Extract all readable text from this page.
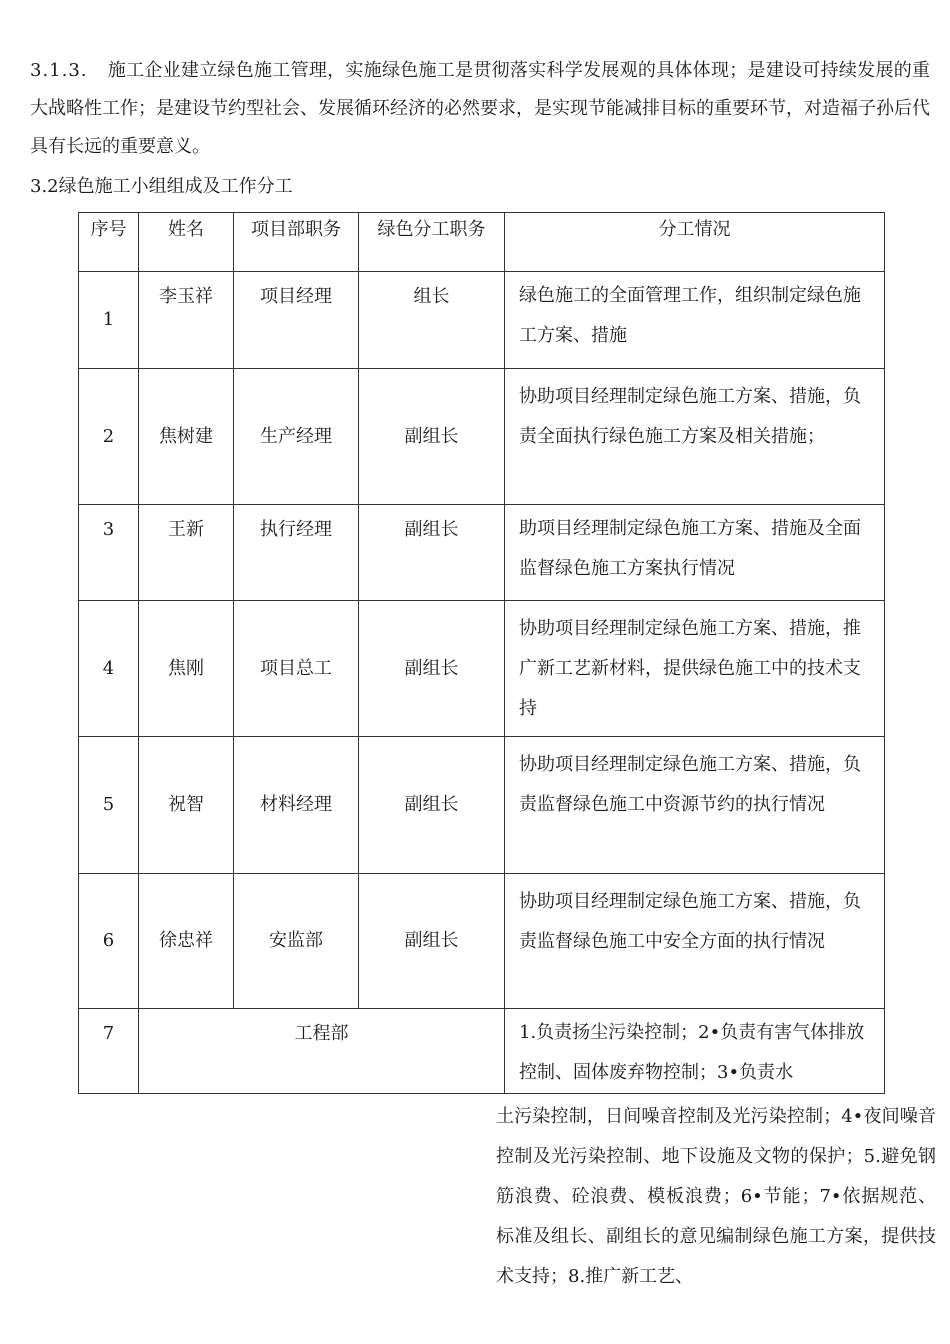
3.1.3. 施工企业建立绿色施工管理，实施绿色施工是贯彻落实科学发展观的具体体现；是建设可持续发展的重大战略性工作；是建设节约型社会、发展循环经济的必然要求，是实现节能减排目标的重要环节，对造福子孙后代具有长远的重要意义。

3.2绿色施工小组组成及工作分工

序号	姓名	项目部职务	绿色分工职务	分工情况
1	李玉祥	项目经理	组长	绿色施工的全面管理工作，组织制定绿色施工方案、措施
2	焦树建	生产经理	副组长	协助项目经理制定绿色施工方案、措施，负责全面执行绿色施工方案及相关措施；
3	王新	执行经理	副组长	助项目经理制定绿色施工方案、措施及全面监督绿色施工方案执行情况
4	焦刚	项目总工	副组长	协助项目经理制定绿色施工方案、措施，推广新工艺新材料，提供绿色施工中的技术支持
5	祝智	材料经理	副组长	协助项目经理制定绿色施工方案、措施，负责监督绿色施工中资源节约的执行情况
6	徐忠祥	安监部	副组长	协助项目经理制定绿色施工方案、措施，负责监督绿色施工中安全方面的执行情况
7	工程部			1.负责扬尘污染控制；2•负责有害气体排放控制、固体废弃物控制；3•负责水

土污染控制，日间噪音控制及光污染控制；4•夜间噪音控制及光污染控制、地下设施及文物的保护；5.避免钢筋浪费、砼浪费、模板浪费；6•节能；7•依据规范、标准及组长、副组长的意见编制绿色施工方案，提供技术支持；8.推广新工艺、
